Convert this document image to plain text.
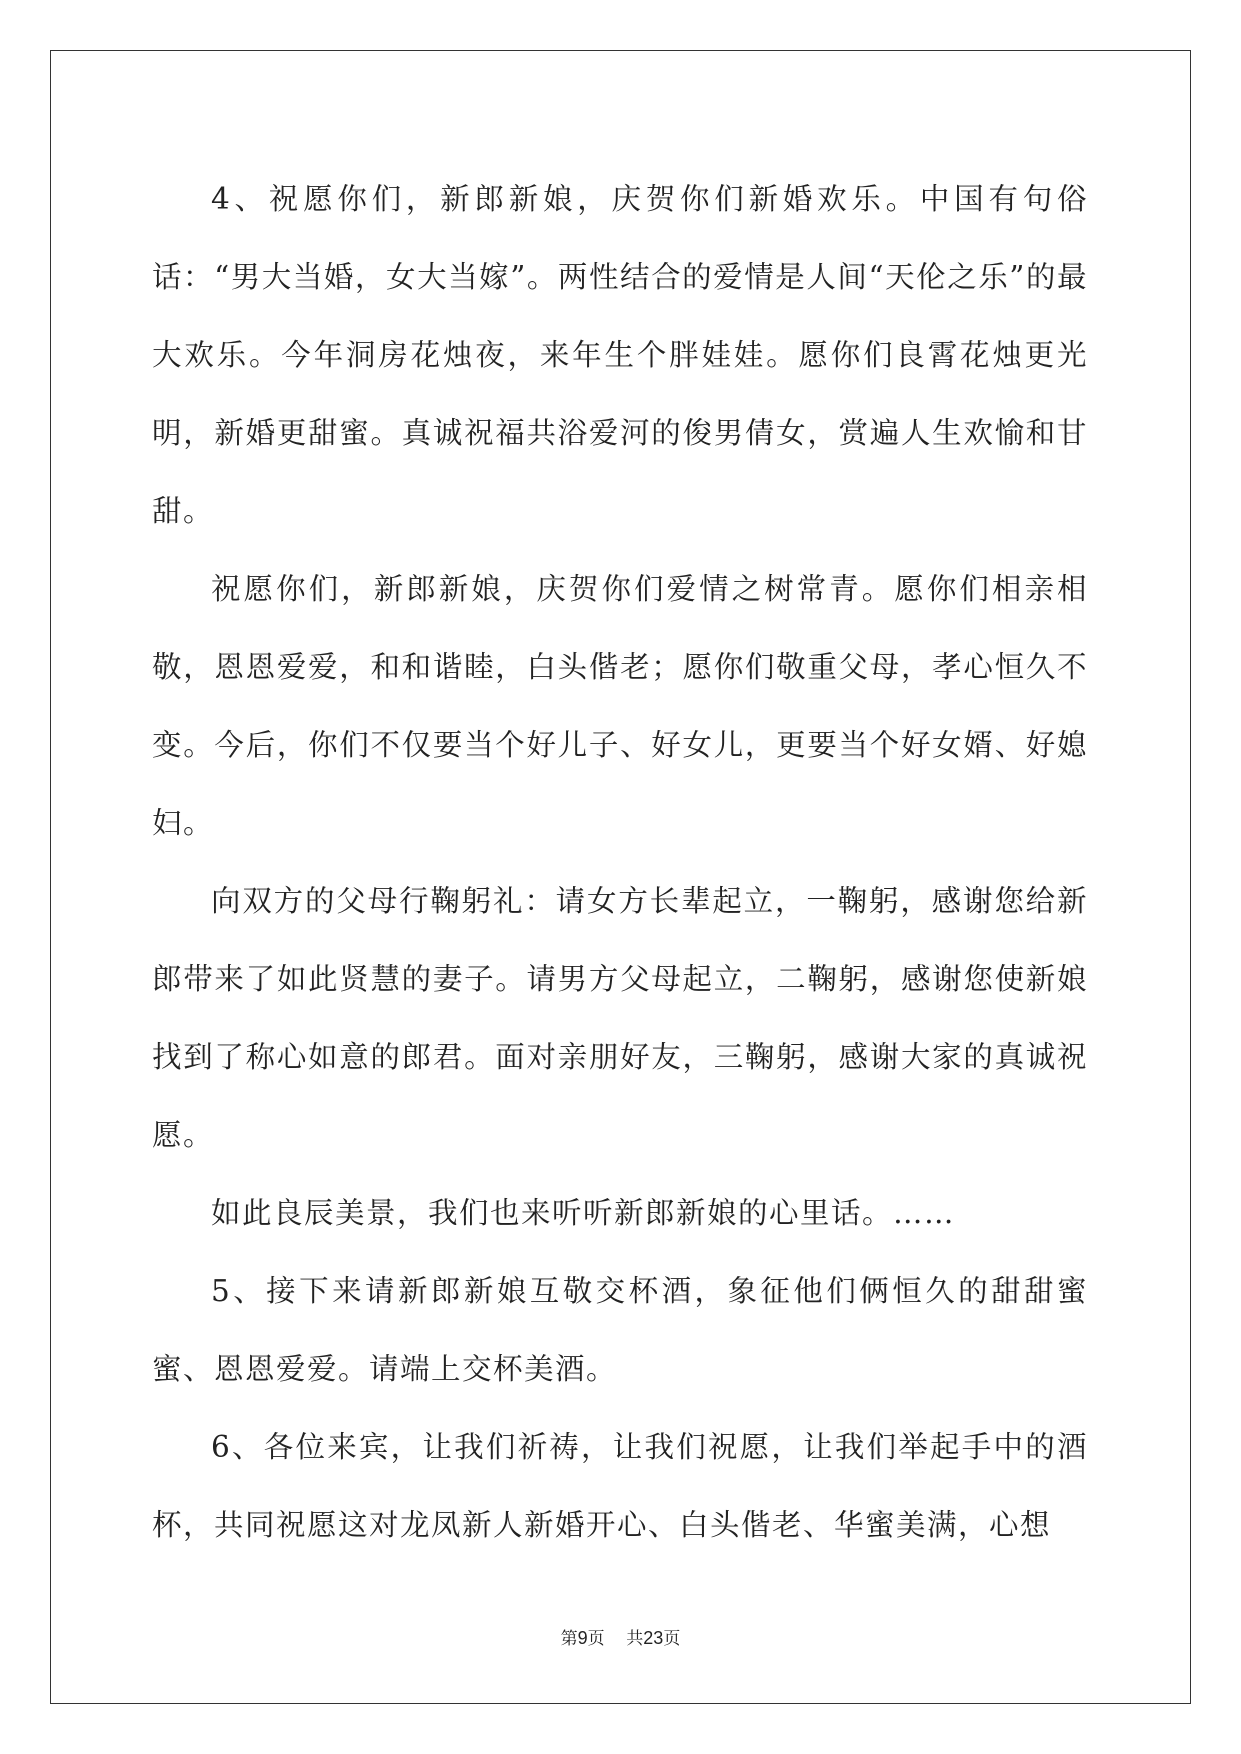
4、祝愿你们，新郎新娘，庆贺你们新婚欢乐。中国有句俗话：“男大当婚，女大当嫁”。两性结合的爱情是人间“天伦之乐”的最大欢乐。今年洞房花烛夜，来年生个胖娃娃。愿你们良霄花烛更光明，新婚更甜蜜。真诚祝福共浴爱河的俊男倩女，赏遍人生欢愉和甘甜。

祝愿你们，新郎新娘，庆贺你们爱情之树常青。愿你们相亲相敬，恩恩爱爱，和和谐睦，白头偕老；愿你们敬重父母，孝心恒久不变。今后，你们不仅要当个好儿子、好女儿，更要当个好女婿、好媳妇。

向双方的父母行鞠躬礼：请女方长辈起立，一鞠躬，感谢您给新郎带来了如此贤慧的妻子。请男方父母起立，二鞠躬，感谢您使新娘找到了称心如意的郎君。面对亲朋好友，三鞠躬，感谢大家的真诚祝愿。

如此良辰美景，我们也来听听新郎新娘的心里话。……

5、接下来请新郎新娘互敬交杯酒，象征他们俩恒久的甜甜蜜蜜、恩恩爱爱。请端上交杯美酒。

6、各位来宾，让我们祈祷，让我们祝愿，让我们举起手中的酒杯，共同祝愿这对龙凤新人新婚开心、白头偕老、华蜜美满，心想

第9页 共23页
